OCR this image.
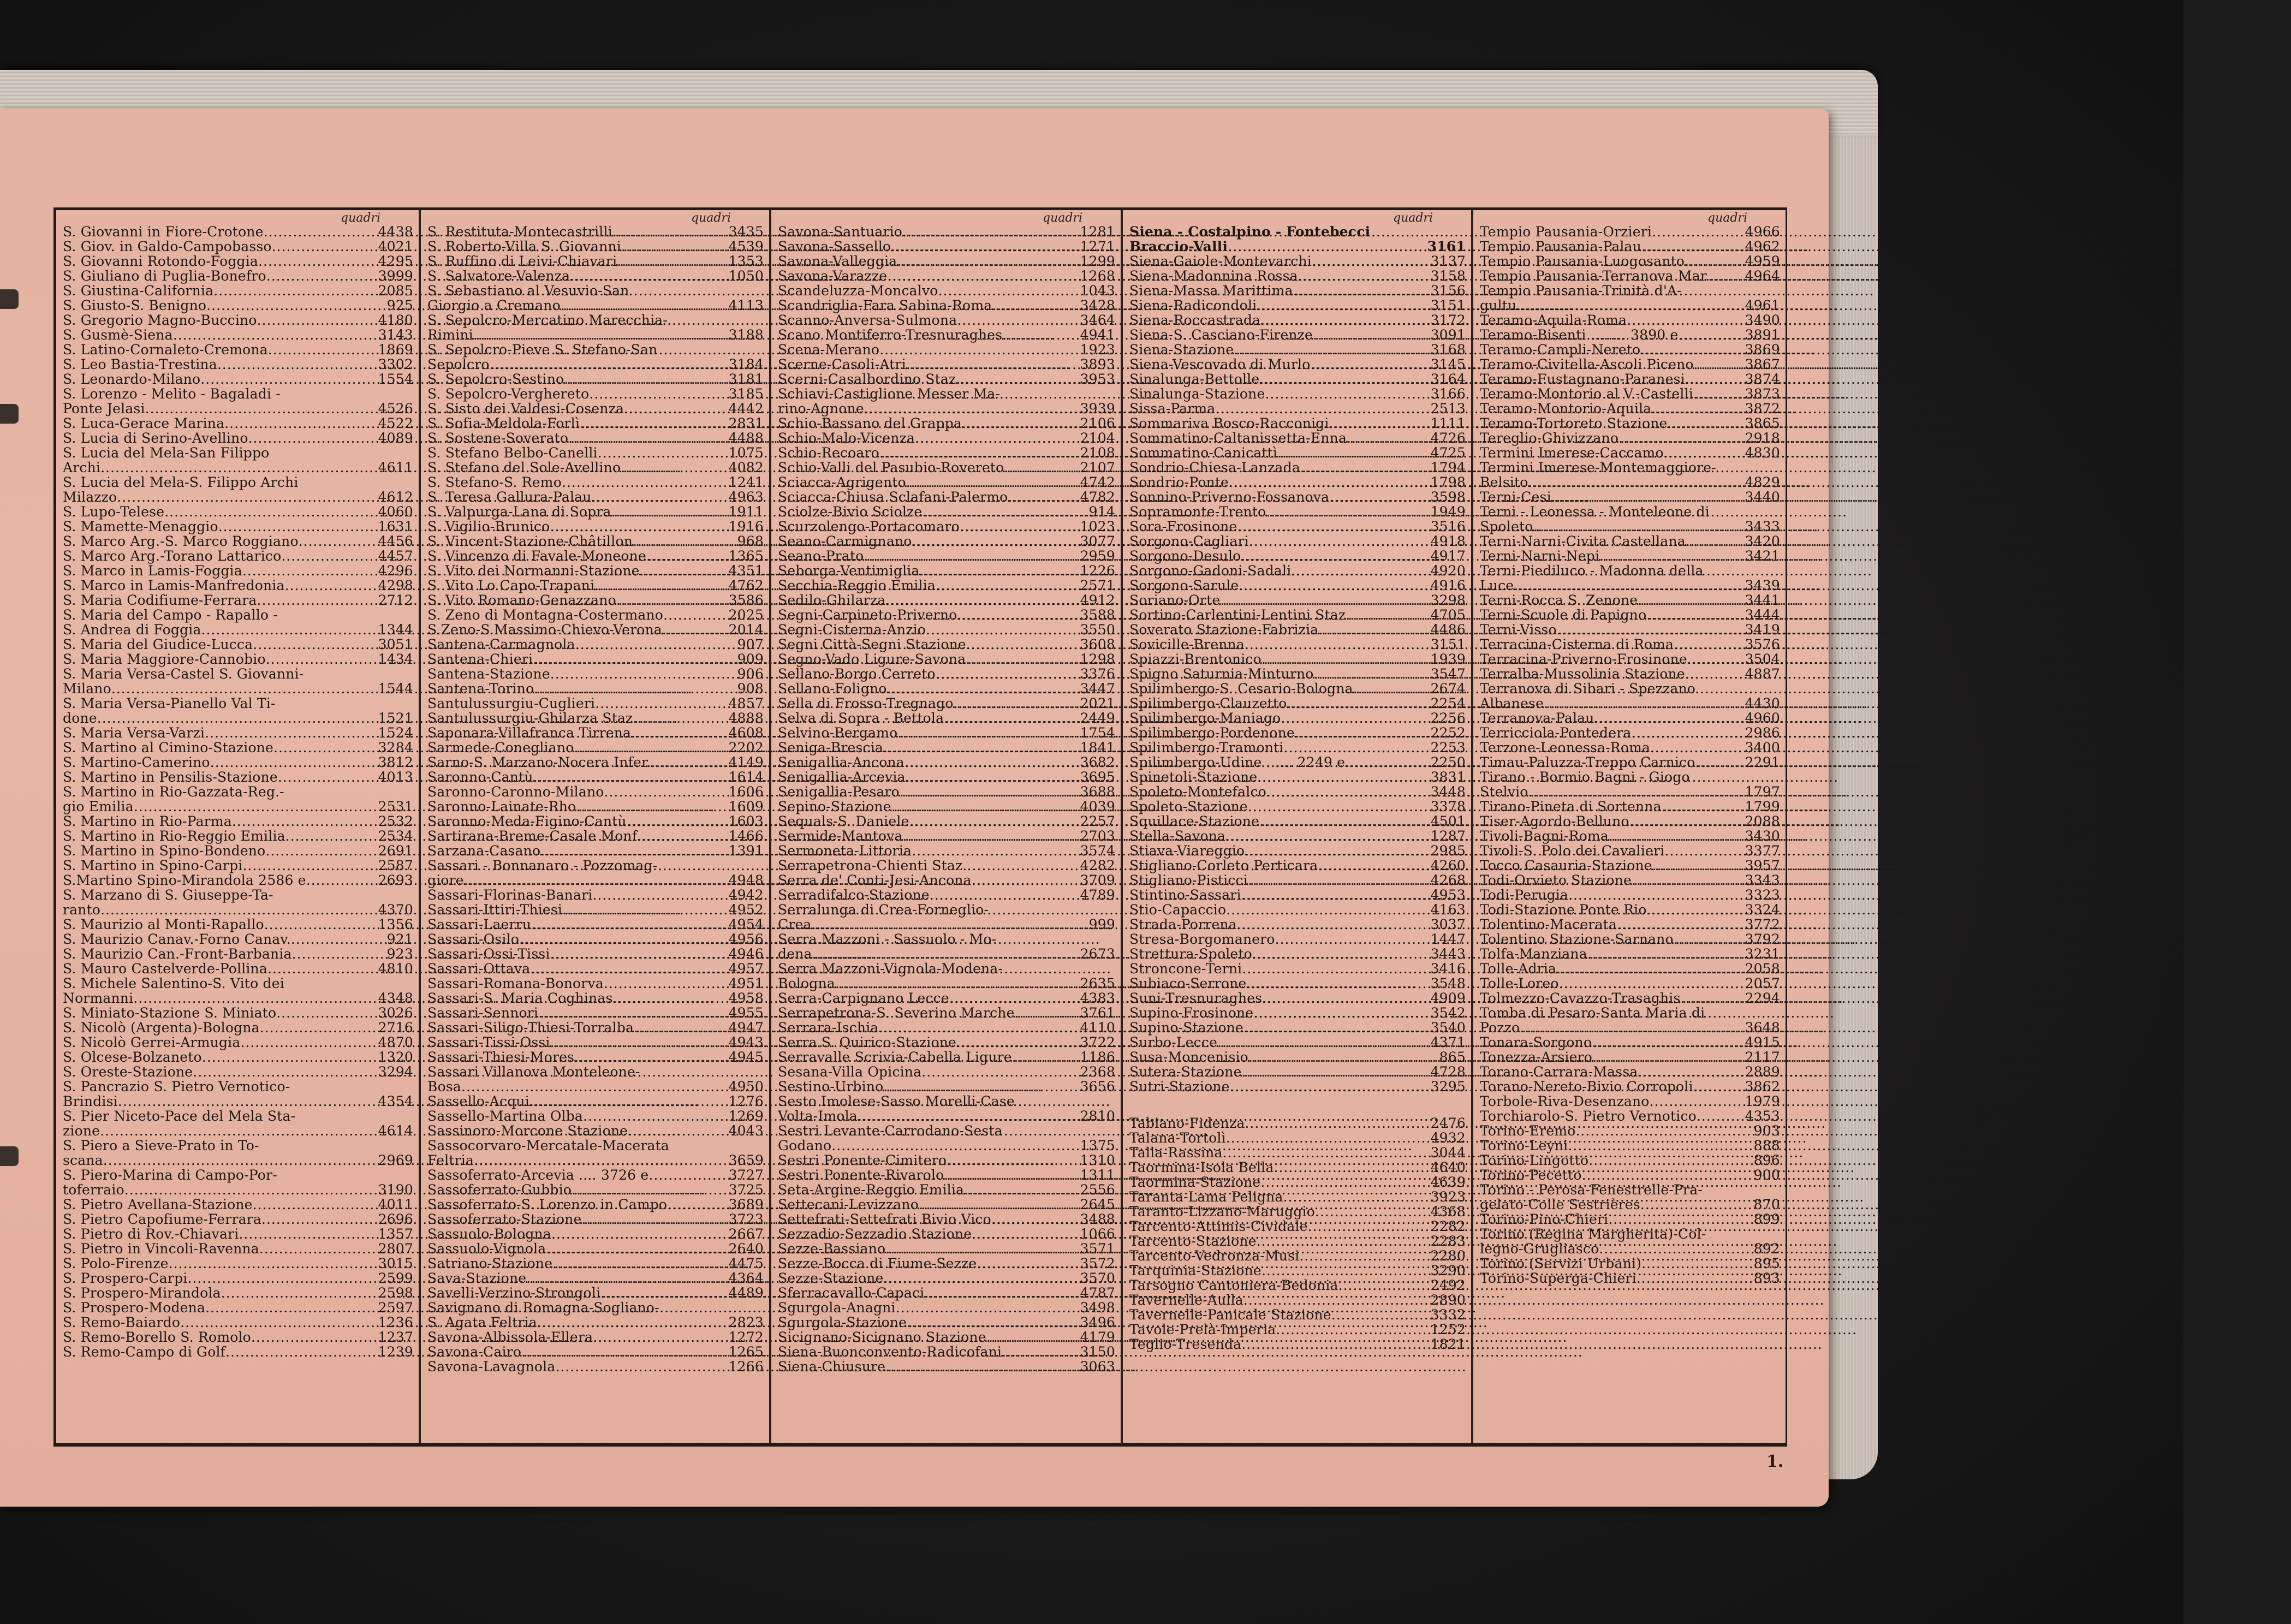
quadri
S. Giovanni in Fiore-Crotone .....	4438
S. Giov. in Galdo-Campobasso .....	4021
S. Giovanni Rotondo-Foggia .....	4295
S. Giuliano di Puglia-Bonefro .....	3999
S. Giustina-California .....	2085
S. Giusto-S. Benigno .....	925
S. Gregorio Magno-Buccino .....	4180
S. Gusmè-Siena .....	3143
S. Latino-Cornaleto-Cremona .....	1869
S. Leo Bastia-Trestina .....	3302
S. Leonardo-Milano .....	1554
S. Lorenzo - Melito - Bagaladi -
Ponte Jelasi .....	4526
S. Luca-Gerace Marina .....	4522
S. Lucia di Serino-Avellino .....	4089
S. Lucia del Mela-San Filippo
Archi .....	4611
S. Lucia del Mela-S. Filippo Archi
Milazzo .....	4612
S. Lupo-Telese .....	4060
S. Mamette-Menaggio .....	1631
S. Marco Arg.-S. Marco Roggiano .....	4456
S. Marco Arg.-Torano Lattarico .....	4457
S. Marco in Lamis-Foggia .....	4296
S. Marco in Lamis-Manfredonia .....	4298
S. Maria Codifiume-Ferrara .....	2712
S. Maria del Campo - Rapallo -
S. Andrea di Foggia .....	1344
S. Maria del Giudice-Lucca .....	3051
S. Maria Maggiore-Cannobio .....	1434
S. Maria Versa-Castel S. Giovanni-
Milano .....	1544
S. Maria Versa-Pianello Val Ti-
done .....	1521
S. Maria Versa-Varzi .....	1524
S. Martino al Cimino-Stazione .....	3284
S. Martino-Camerino .....	3812
S. Martino in Pensilis-Stazione .....	4013
S. Martino in Rio-Gazzata-Reg.-
gio Emilia .....	2531
S. Martino in Rio-Parma .....	2532
S. Martino in Rio-Reggio Emilia .....	2534
S. Martino in Spino-Bondeno .....	2691
S. Martino in Spino-Carpi .....	2587
S.Martino Spino-Mirandola 2586 e .....	2693
S. Marzano di S. Giuseppe-Ta-
ranto .....	4370
S. Maurizio al Monti-Rapallo .....	1356
S. Maurizio Canav.-Forno Canav. .....	921
S. Maurizio Can.-Front-Barbania .....	923
S. Mauro Castelverde-Pollina .....	4810
S. Michele Salentino-S. Vito dei
Normanni .....	4348
S. Miniato-Stazione S. Miniato .....	3026
S. Nicolò (Argenta)-Bologna .....	2716
S. Nicolò Gerrei-Armugia .....	4870
S. Olcese-Bolzaneto .....	1320
S. Oreste-Stazione .....	3294
S. Pancrazio S. Pietro Vernotico-
Brindisi .....	4354
S. Pier Niceto-Pace del Mela Sta-
zione .....	4614
S. Piero a Sieve-Prato in To-
scana .....	2969
S. Piero-Marina di Campo-Por-
toferraio .....	3190
S. Pietro Avellana-Stazione .....	4011
S. Pietro Capofiume-Ferrara .....	2696
S. Pietro di Rov.-Chiavari .....	1357
S. Pietro in Vincoli-Ravenna .....	2807
S. Polo-Firenze .....	3015
S. Prospero-Carpi .....	2599
S. Prospero-Mirandola .....	2598
S. Prospero-Modena .....	2597
S. Remo-Baiardo .....	1236
S. Remo-Borello S. Romolo .....	1237
S. Remo-Campo di Golf .....	1239
quadri
S. Restituta-Montecastrilli .....	3435
S. Roberto-Villa S. Giovanni .....	4539
S. Ruffino di Leivi-Chiavari .....	1353
S. Salvatore-Valenza .....	1050
S. Sebastiano al Vesuvio-San
Giorgio a Cremano .....	4113
S. Sepolcro-Mercatino Marecchia-
Rimini .....	3188
S. Sepolcro-Pieve S. Stefano-San
Sepolcro .....	3184
S. Sepolcro-Sestino .....	3181
S. Sepolcro-Verghereto .....	3185
S. Sisto dei Valdesi-Cosenza .....	4442
S. Sofia-Meldola-Forlì .....	2831
S. Sostene-Soverato .....	4488
S. Stefano Belbo-Canelli .....	1075
S. Stefano del Sole-Avellino .....	4082
S. Stefano-S. Remo .....	1241
S. Teresa Gallura-Palau .....	4963
S. Valpurga-Lana di Sopra .....	1911
S. Vigilio-Brunico .....	1916
S. Vincent-Stazione-Châtillon .....	968
S. Vincenzo di Favale-Moneone .....	1365
S. Vito dei Normanni-Stazione .....	4351
S. Vito Lo Capo-Trapani .....	4762
S. Vito Romano-Genazzano .....	3586
S. Zeno di Montagna-Costermano .....	2025
S.Zeno-S.Massimo-Chievo-Verona .....	2014
Santena-Carmagnola .....	907
Santena-Chieri .....	909
Santena-Stazione .....	906
Santena-Torino .....	908
Santulussurgiu-Cuglieri .....	4857
Santulussurgiu-Ghilarza Staz. .....	4888
Saponara-Villafranca Tirrena .....	4608
Sarmede-Conegliano .....	2202
Sarno-S. Marzano-Nocera Infer. .....	4149
Saronno-Cantù .....	1614
Saronno-Caronno-Milano .....	1606
Saronno-Lainate-Rho .....	1609
Saronno-Meda-Figino-Cantù .....	1603
Sartirana-Breme-Casale Monf. .....	1466
Sarzana-Casano .....	1391
Sassari - Bonnanaro - Pozzomag-
giore .....	4948
Sassari-Florinas-Banari .....	4942
Sassari-Ittiri-Thiesi .....	4952
Sassari-Laerru .....	4954
Sassari-Osilo .....	4956
Sassari-Ossi-Tissi .....	4946
Sassari-Ottava .....	4957
Sassari-Romana-Bonorva .....	4951
Sassari-S. Maria Coghinas .....	4958
Sassari-Sennori .....	4955
Sassari-Siligo-Thiesi-Torralba .....	4947
Sassari-Tissi-Ossi .....	4943
Sassari-Thiesi-Mores .....	4945
Sassari Villanova Monteleone-
Bosa .....	4950
Sassello-Acqui .....	1276
Sassello-Martina Olba .....	1269
Sassinoro-Morcone Stazione .....	4043
Sassocorvaro-Mercatale-Macerata
Feltria .....	3659
Sassoferrato-Arcevia .... 3726 e .....	3727
Sassoferrato-Gubbio .....	3725
Sassoferrato-S. Lorenzo in Campo .....	3689
Sassoferrato-Stazione .....	3723
Sassuolo-Bologna .....	2667
Sassuolo-Vignola .....	2640
Satriano-Stazione .....	4475
Sava-Stazione .....	4364
Savelli-Verzino-Strongoli .....	4489
Savignano di Romagna-Sogliano-
S. Agata Feltria .....	2823
Savona-Albissola-Ellera .....	1272
Savona-Cairo .....	1265
Savona-Lavagnola .....	1266
quadri
Savona-Santuario .....	1281
Savona-Sassello .....	1271
Savona-Valleggia .....	1299
Savona-Varazze .....	1268
Scandeluzza-Moncalvo .....	1043
Scandriglia-Fara Sabina-Roma .....	3428
Scanno-Anversa-Sulmona .....	3464
Scano Montiferro-Tresnuraghes .....	4941
Scena-Merano .....	1923
Scerne-Casoli-Atri .....	3893
Scerni-Casalbordino Staz. .....	3953
Schiavi-Castiglione Messer Ma-
rino-Agnone .....	3939
Schio-Bassano del Grappa .....	2106
Schio-Malo-Vicenza .....	2104
Schio-Recoaro .....	2108
Schio-Valli del Pasubio-Rovereto .....	2107
Sciacca-Agrigento .....	4742
Sciacca-Chiusa Sclafani-Palermo .....	4782
Sciolze-Bivio Sciolze .....	914
Scurzolengo-Portacomaro .....	1023
Seano-Carmignano .....	3077
Seano-Prato .....	2959
Seborga-Ventimiglia .....	1226
Secchia-Reggio Emilia .....	2571
Sedilo-Ghilarza .....	4912
Segni-Carpineto-Priverno .....	3588
Segni-Cisterna-Anzio .....	3550
Segni Città-Segni Stazione .....	3608
Segno-Vado Ligure-Savona .....	1298
Sellano-Borgo Cerreto .....	3376
Sellano-Foligno .....	3447
Sella di Frosso-Tregnago .....	2021
Selva di Sopra - Bettola .....	2449
Selvino-Bergamo .....	1754
Seniga-Brescia .....	1841
Senigallia-Ancona .....	3682
Senigallia-Arcevia .....	3695
Senigallia-Pesaro .....	3688
Sepino-Stazione .....	4039
Sequals-S. Daniele .....	2257
Sermide-Mantova .....	2703
Sermoneta-Littoria .....	3574
Serrapetrona-Chienti Staz. .....	4282
Serra de' Conti-Jesi-Ancona .....	3709
Serradifalco-Stazione .....	4789
Serralunga di Crea-Forneglio-
Crea .....	999
Serra Mazzoni - Sassuolo - Mo-
dena .....	2673
Serra Mazzoni-Vignola-Modena-
Bologna .....	2635
Serra-Carpignano Lecce .....	4383
Serrapetrona-S. Severino Marche .....	3761
Serrara-Ischia .....	4110
Serra S. Quirico-Stazione .....	3722
Serravalle Scrivia-Cabella Ligure .....	1186
Sesana-Villa Opicina .....	2368
Sestino-Urbino .....	3656
Sesto Imolese-Sasso Morelli-Case
Volta-Imola .....	2810
Sestri Levante-Carrodano-Sesta
Godano .....	1375
Sestri Ponente-Cimitero .....	1310
Sestri Ponente-Rivarolo .....	1311
Seta-Argine-Reggio Emilia .....	2556
Settecani-Levizzano .....	2645
Settefrati-Settefrati Bivio Vico .....	3488
Sezzadio-Sezzadio Stazione .....	1066
Sezze-Bassiano .....	3571
Sezze-Bocca di Fiume-Sezze .....	3572
Sezze-Stazione .....	3570
Sferracavallo-Capaci .....	4787
Sgurgola-Anagni .....	3498
Sgurgola-Stazione .....	3496
Sicignano-Sicignano Stazione .....	4179
Siena-Buonconvento-Radicofani .....	3150
Siena-Chiusure .....	3063
quadri
Siena - Costalpino - Fontebecci
Braccio-Valli .....	3161
Siena-Gaiole-Montevarchi .....	3137
Siena-Madonnina Rossa .....	3158
Siena-Massa Marittima .....	3156
Siena-Radicondoli .....	3151
Siena-Roccastrada .....	3172
Siena-S. Casciano-Firenze .....	3091
Siena-Stazione .....	3168
Siena-Vescovado di Murlo .....	3145
Sinalunga-Bettolle .....	3164
Sinalunga-Stazione .....	3166
Sissa-Parma .....	2513
Sommariva Bosco-Racconigi .....	1111
Sommatino-Caltanissetta-Enna .....	4726
Sommatino-Canicattì .....	4725
Sondrio-Chiesa-Lanzada .....	1794
Sondrio-Ponte .....	1798
Sonnino-Priverno-Fossanova .....	3598
Sopramonte-Trento .....	1949
Sora-Frosinone .....	3516
Sorgono-Cagliari .....	4918
Sorgono-Desulo .....	4917
Sorgono-Gadoni-Sadali .....	4920
Sorgono-Sarule .....	4916
Soriano-Orte .....	3298
Sortino-Carlentini-Lentini Staz. .....	4705
Soverato Stazione-Fabrizia .....	4486
Sovicille-Brenna .....	3151
Spiazzi-Brentonico .....	1939
Spigno Saturnia-Minturno .....	3547
Spilimbergo-S. Cesario-Bologna .....	2674
Spilimbergo-Clauzetto .....	2254
Spilimbergo-Maniago .....	2256
Spilimbergo-Pordenone .....	2252
Spilimbergo-Tramonti .....	2253
Spilimbergo-Udine ...... 2249 e .....	2250
Spinetoli-Stazione .....	3831
Spoleto-Montefalco .....	3448
Spoleto-Stazione .....	3378
Squillace-Stazione .....	4501
Stella-Savona .....	1287
Stiava-Viareggio .....	2985
Stigliano-Corleto Perticara .....	4260
Stigliano-Pisticci .....	4268
Stintino-Sassari .....	4953
Stio-Capaccio .....	4163
Strada-Porrena .....	3037
Stresa-Borgomanero .....	1447
Strettura-Spoleto .....	3443
Stroncone-Terni .....	3416
Subiaco-Serrone .....	3548
Suni-Tresnuraghes .....	4909
Supino-Frosinone .....	3542
Supino-Stazione .....	3540
Surbo-Lecce .....	4371
Susa-Moncenisio .....	865
Sutera-Stazione .....	4728
Sutri-Stazione .....	3295
Tabiano-Fidenza .....	2476
Talana-Tortolì .....	4932
Talla-Rassina .....	3044
Taormina-Isola Bella .....	4640
Taormina-Stazione .....	4639
Taranta-Lama Peligna .....	3923
Taranto-Lizzano-Maruggio .....	4368
Tarcento-Attimis-Cividale .....	2282
Tarcento-Stazione .....	2283
Tarcento-Vedronza-Musi .....	2280
Tarquinia-Stazione .....	3290
Tarsogno Cantoniera-Bedonia .....	2492
Tavernelle-Aulla .....	2890
Tavernelle-Panicale Stazione .....	3332
Tavole-Prelà-Imperia .....	1252
Teglio-Tresenda .....	1821
quadri
Tempio Pausania-Orzieri .....	4966
Tempio Pausania-Palau .....	4962
Tempio Pausania-Luogosanto .....	4959
Tempio Pausania-Terranova Mar. .....	4964
Tempio Pausania-Trinità d'A-
gultu .....	4961
Teramo-Aquila-Roma .....	3490
Teramo-Bisenti ........ 3890 e .....	3891
Teramo-Campli-Nereto .....	3869
Teramo-Civitella-Ascoli Piceno .....	3867
Teramo-Fustagnano-Paranesi .....	3874
Teramo-Montorio al V.-Castelli .....	3873
Teramo-Montorio-Aquila .....	3872
Teramo-Tortoreto Stazione .....	3865
Tereglio-Ghivizzano .....	2918
Termini Imerese-Caccamo .....	4830
Termini Imerese-Montemaggiore-
Belsito .....	4829
Terni-Cesi .....	3440
Terni - Leonessa - Monteleone di
Spoleto .....	3433
Terni-Narni-Civita Castellana .....	3420
Terni-Narni-Nepi .....	3421
Terni-Piediluco - Madonna della
Luce .....	3439
Terni-Rocca S. Zenone .....	3441
Terni-Scuole di Papigno .....	3444
Terni-Visso .....	3419
Terracina-Cisterna di Roma .....	3576
Terracina-Priverno-Frosinone .....	3504
Terralba-Mussolinia Stazione .....	4887
Terranova di Sibari - Spezzano
Albanese .....	4430
Terranova-Palau .....	4960
Terricciola-Pontedera .....	2986
Terzone-Leonessa-Roma .....	3400
Timau-Paluzza-Treppo Carnico .....	2291
Tirano - Bormio Bagni - Giogo
Stelvio .....	1797
Tirano-Pineta di Sortenna .....	1799
Tiser-Agordo-Belluno .....	2088
Tivoli-Bagni-Roma .....	3430
Tivoli-S. Polo dei Cavalieri .....	3377
Tocco Casauria-Stazione .....	3957
Todi-Orvieto Stazione .....	3343
Todi-Perugia .....	3323
Todi-Stazione Ponte Rio .....	3324
Tolentino-Macerata .....	3772
Tolentino Stazione-Sarnano .....	3792
Tolfa-Manziana .....	3231
Tolle-Adria .....	2058
Tolle-Loreo .....	2057
Tolmezzo-Cavazzo-Trasaghis .....	2294
Tomba di Pesaro-Santa Maria di
Pozzo .....	3648
Tonara-Sorgono .....	4915
Tonezza-Arsiero .....	2117
Torano-Carrara-Massa .....	2889
Torano-Nereto-Bivio Corropoli .....	3862
Torbole-Riva-Desenzano .....	1979
Torchiarolo-S. Pietro Vernotico .....	4353
Torino-Eremo .....	903
Torino-Leyni .....	888
Torino-Lingotto .....	896
Torino-Pecetto .....	900
Torino - Perosa-Fenestrelle-Pra-
gelato-Colle Sestrières .....	870
Torino-Pino-Chieri .....	899
Torino (Regina Margherita)-Col-
legno-Grugliasco .....	892
Torino (Servizi Urbani) .....	895
Torino-Superga-Chieri .....	893
1.
